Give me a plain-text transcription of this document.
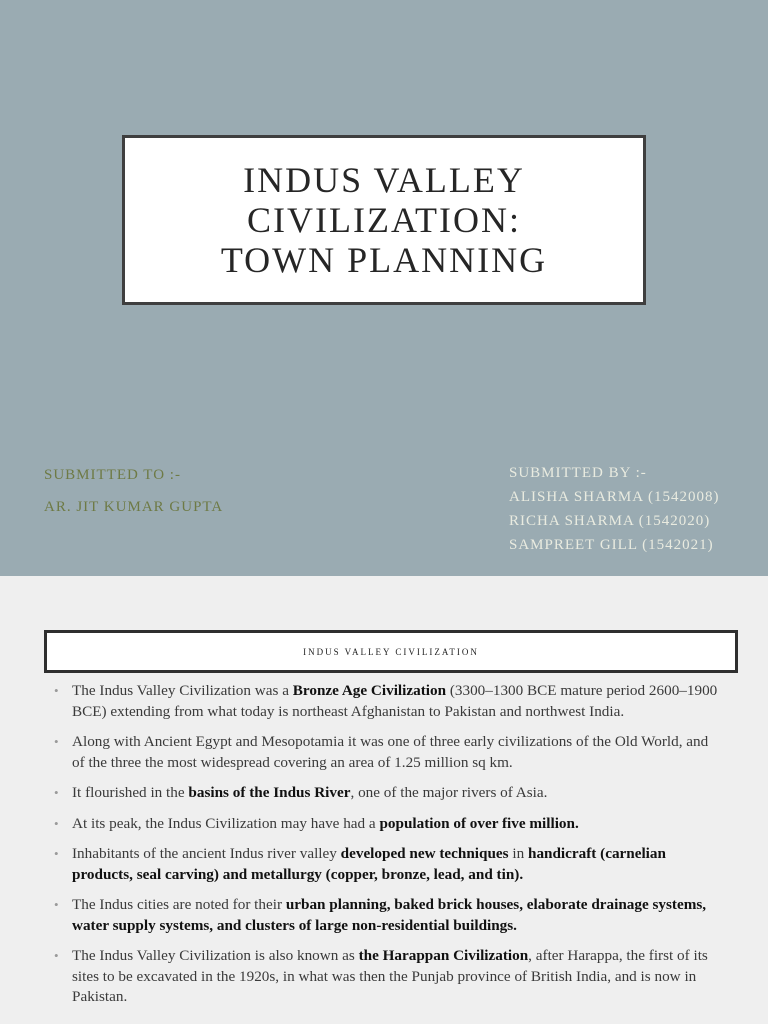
INDUS VALLEY
CIVILIZATION:
TOWN PLANNING
SUBMITTED TO :-
AR. JIT KUMAR GUPTA
SUBMITTED BY :-
ALISHA SHARMA (1542008)
RICHA SHARMA (1542020)
SAMPREET GILL (1542021)
INDUS VALLEY CIVILIZATION
• The Indus Valley Civilization was a Bronze Age Civilization (3300–1300 BCE mature period 2600–1900 BCE) extending from what today is northeast Afghanistan to Pakistan and northwest India.
• Along with Ancient Egypt and Mesopotamia it was one of three early civilizations of the Old World, and of the three the most widespread covering an area of 1.25 million sq km.
• It flourished in the basins of the Indus River, one of the major rivers of Asia.
• At its peak, the Indus Civilization may have had a population of over five million.
• Inhabitants of the ancient Indus river valley developed new techniques in handicraft (carnelian products, seal carving) and metallurgy (copper, bronze, lead, and tin).
• The Indus cities are noted for their urban planning, baked brick houses, elaborate drainage systems, water supply systems, and clusters of large non-residential buildings.
• The Indus Valley Civilization is also known as the Harappan Civilization, after Harappa, the first of its sites to be excavated in the 1920s, in what was then the Punjab province of British India, and is now in Pakistan.
